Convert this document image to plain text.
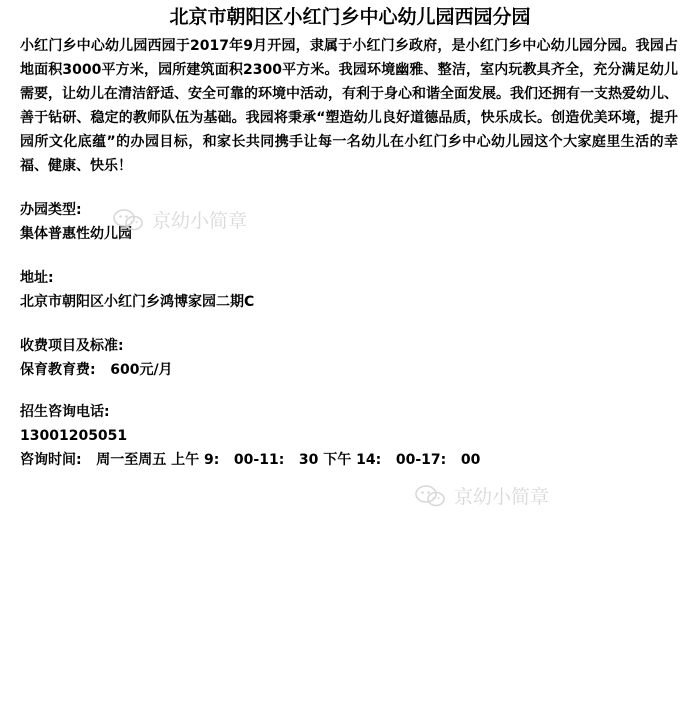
北京市朝阳区小红门乡中心幼儿园西园分园

小红门乡中心幼儿园西园于2017年9月开园，隶属于小红门乡政府，是小红门乡中心幼儿园分园。我园占地面积3000平方米，园所建筑面积2300平方米。我园环境幽雅、整洁，室内玩教具齐全，充分满足幼儿需要，让幼儿在清洁舒适、安全可靠的环境中活动，有利于身心和谐全面发展。我们还拥有一支热爱幼儿、善于钻研、稳定的教师队伍为基础。我园将秉承“塑造幼儿良好道德品质，快乐成长。创造优美环境，提升园所文化底蕴”的办园目标，和家长共同携手让每一名幼儿在小红门乡中心幼儿园这个大家庭里生活的幸福、健康、快乐！

办园类型:
集体普惠性幼儿园
地址:
北京市朝阳区小红门乡鸿博家园二期C
收费项目及标准:
保育教育费:   600元/月
招生咨询电话:
13001205051
咨询时间:   周一至周五 上午 9:   00-11:   30 下午 14:   00-17:   00
京幼小简章
京幼小简章
